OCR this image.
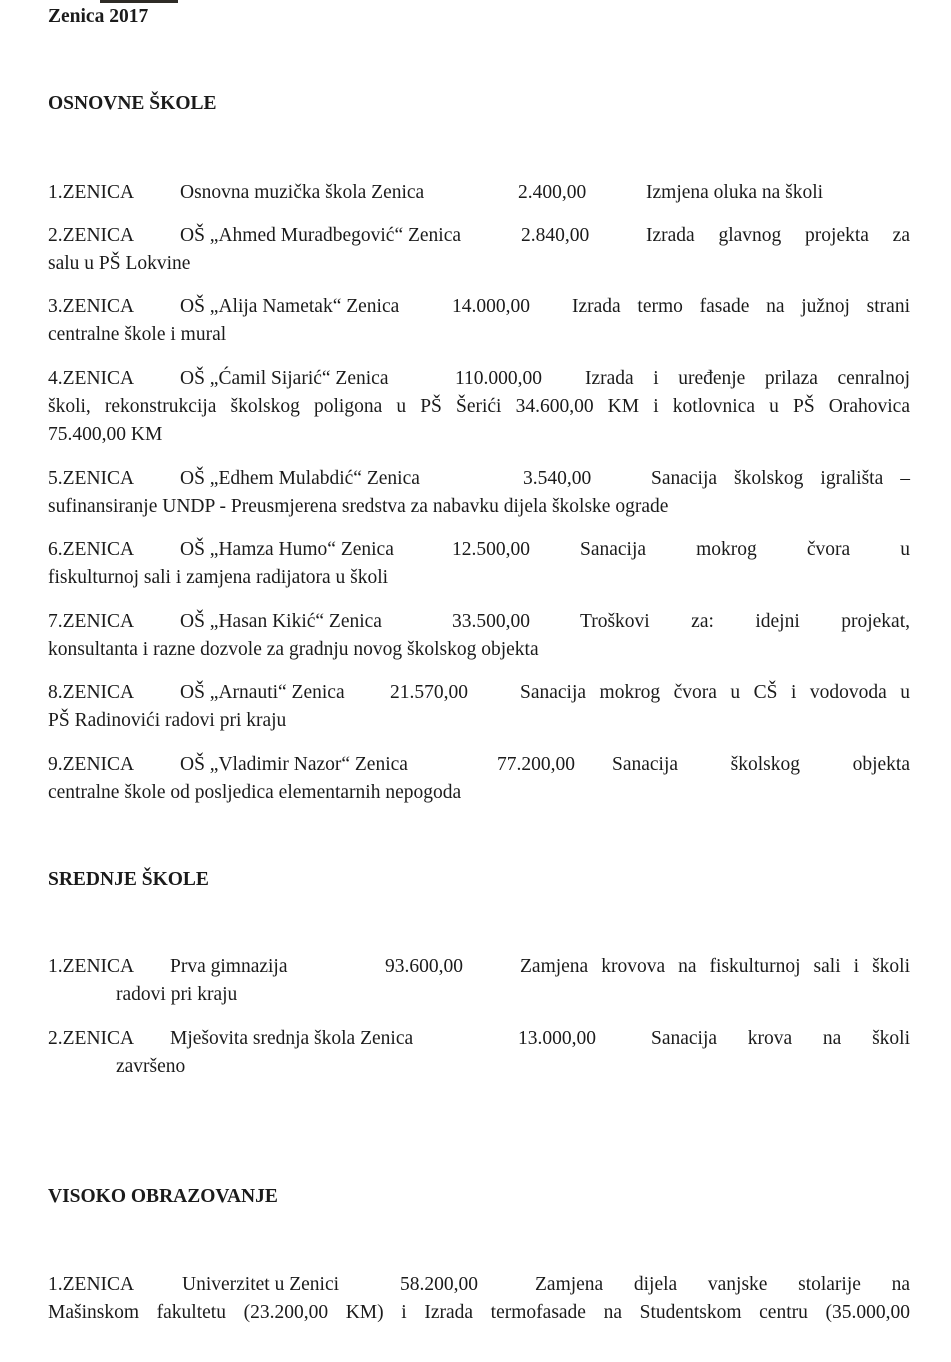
Zenica 2017
OSNOVNE ŠKOLE
1.ZENICA Osnovna muzička škola Zenica	2.400,00	Izmjena oluka na školi
2.ZENICA OŠ „Ahmed Muradbegović“ Zenica	2.840,00	Izrada glavnog projekta za
salu u PŠ Lokvine
3.ZENICA OŠ „Alija Nametak“ Zenica	14.000,00 Izrada termo fasade na južnoj strani
centralne škole i mural
4.ZENICA OŠ „Ćamil Sijarić“ Zenica	110.000,00 Izrada i uređenje prilaza cenralnoj
školi, rekonstrukcija školskog poligona u PŠ Šerići 34.600,00 KM i kotlovnica u PŠ Orahovica
75.400,00 KM
5.ZENICA OŠ „Edhem Mulabdić“ Zenica	3.540,00	Sanacija školskog igrališta –
sufinansiranje UNDP - Preusmjerena sredstva za nabavku dijela školske ograde
6.ZENICA OŠ „Hamza Humo“ Zenica	12.500,00	Sanacija mokrog čvora u
fiskulturnoj sali i zamjena radijatora u školi
7.ZENICA OŠ „Hasan Kikić“ Zenica	33.500,00	Troškovi za: idejni projekat,
konsultanta i razne dozvole za gradnju novog školskog objekta
8.ZENICA OŠ „Arnauti“ Zenica 21.570,00	Sanacija mokrog čvora u CŠ i vodovoda u
PŠ Radinovići radovi pri kraju
9.ZENICA OŠ „Vladimir Nazor“ Zenica	77.200,00 Sanacija školskog objekta
centralne škole od posljedica elementarnih nepogoda
SREDNJE ŠKOLE
1.ZENICA Prva gimnazija	93.600,00	Zamjena krovova na fiskulturnoj sali i školi
radovi pri kraju
2.ZENICA Mješovita srednja škola Zenica	13.000,00	Sanacija krova na školi
završeno
VISOKO OBRAZOVANJE
1.ZENICA Univerzitet u Zenici	58.200,00	Zamjena dijela vanjske stolarije na
Mašinskom fakultetu (23.200,00 KM) i Izrada termofasade na Studentskom centru (35.000,00
